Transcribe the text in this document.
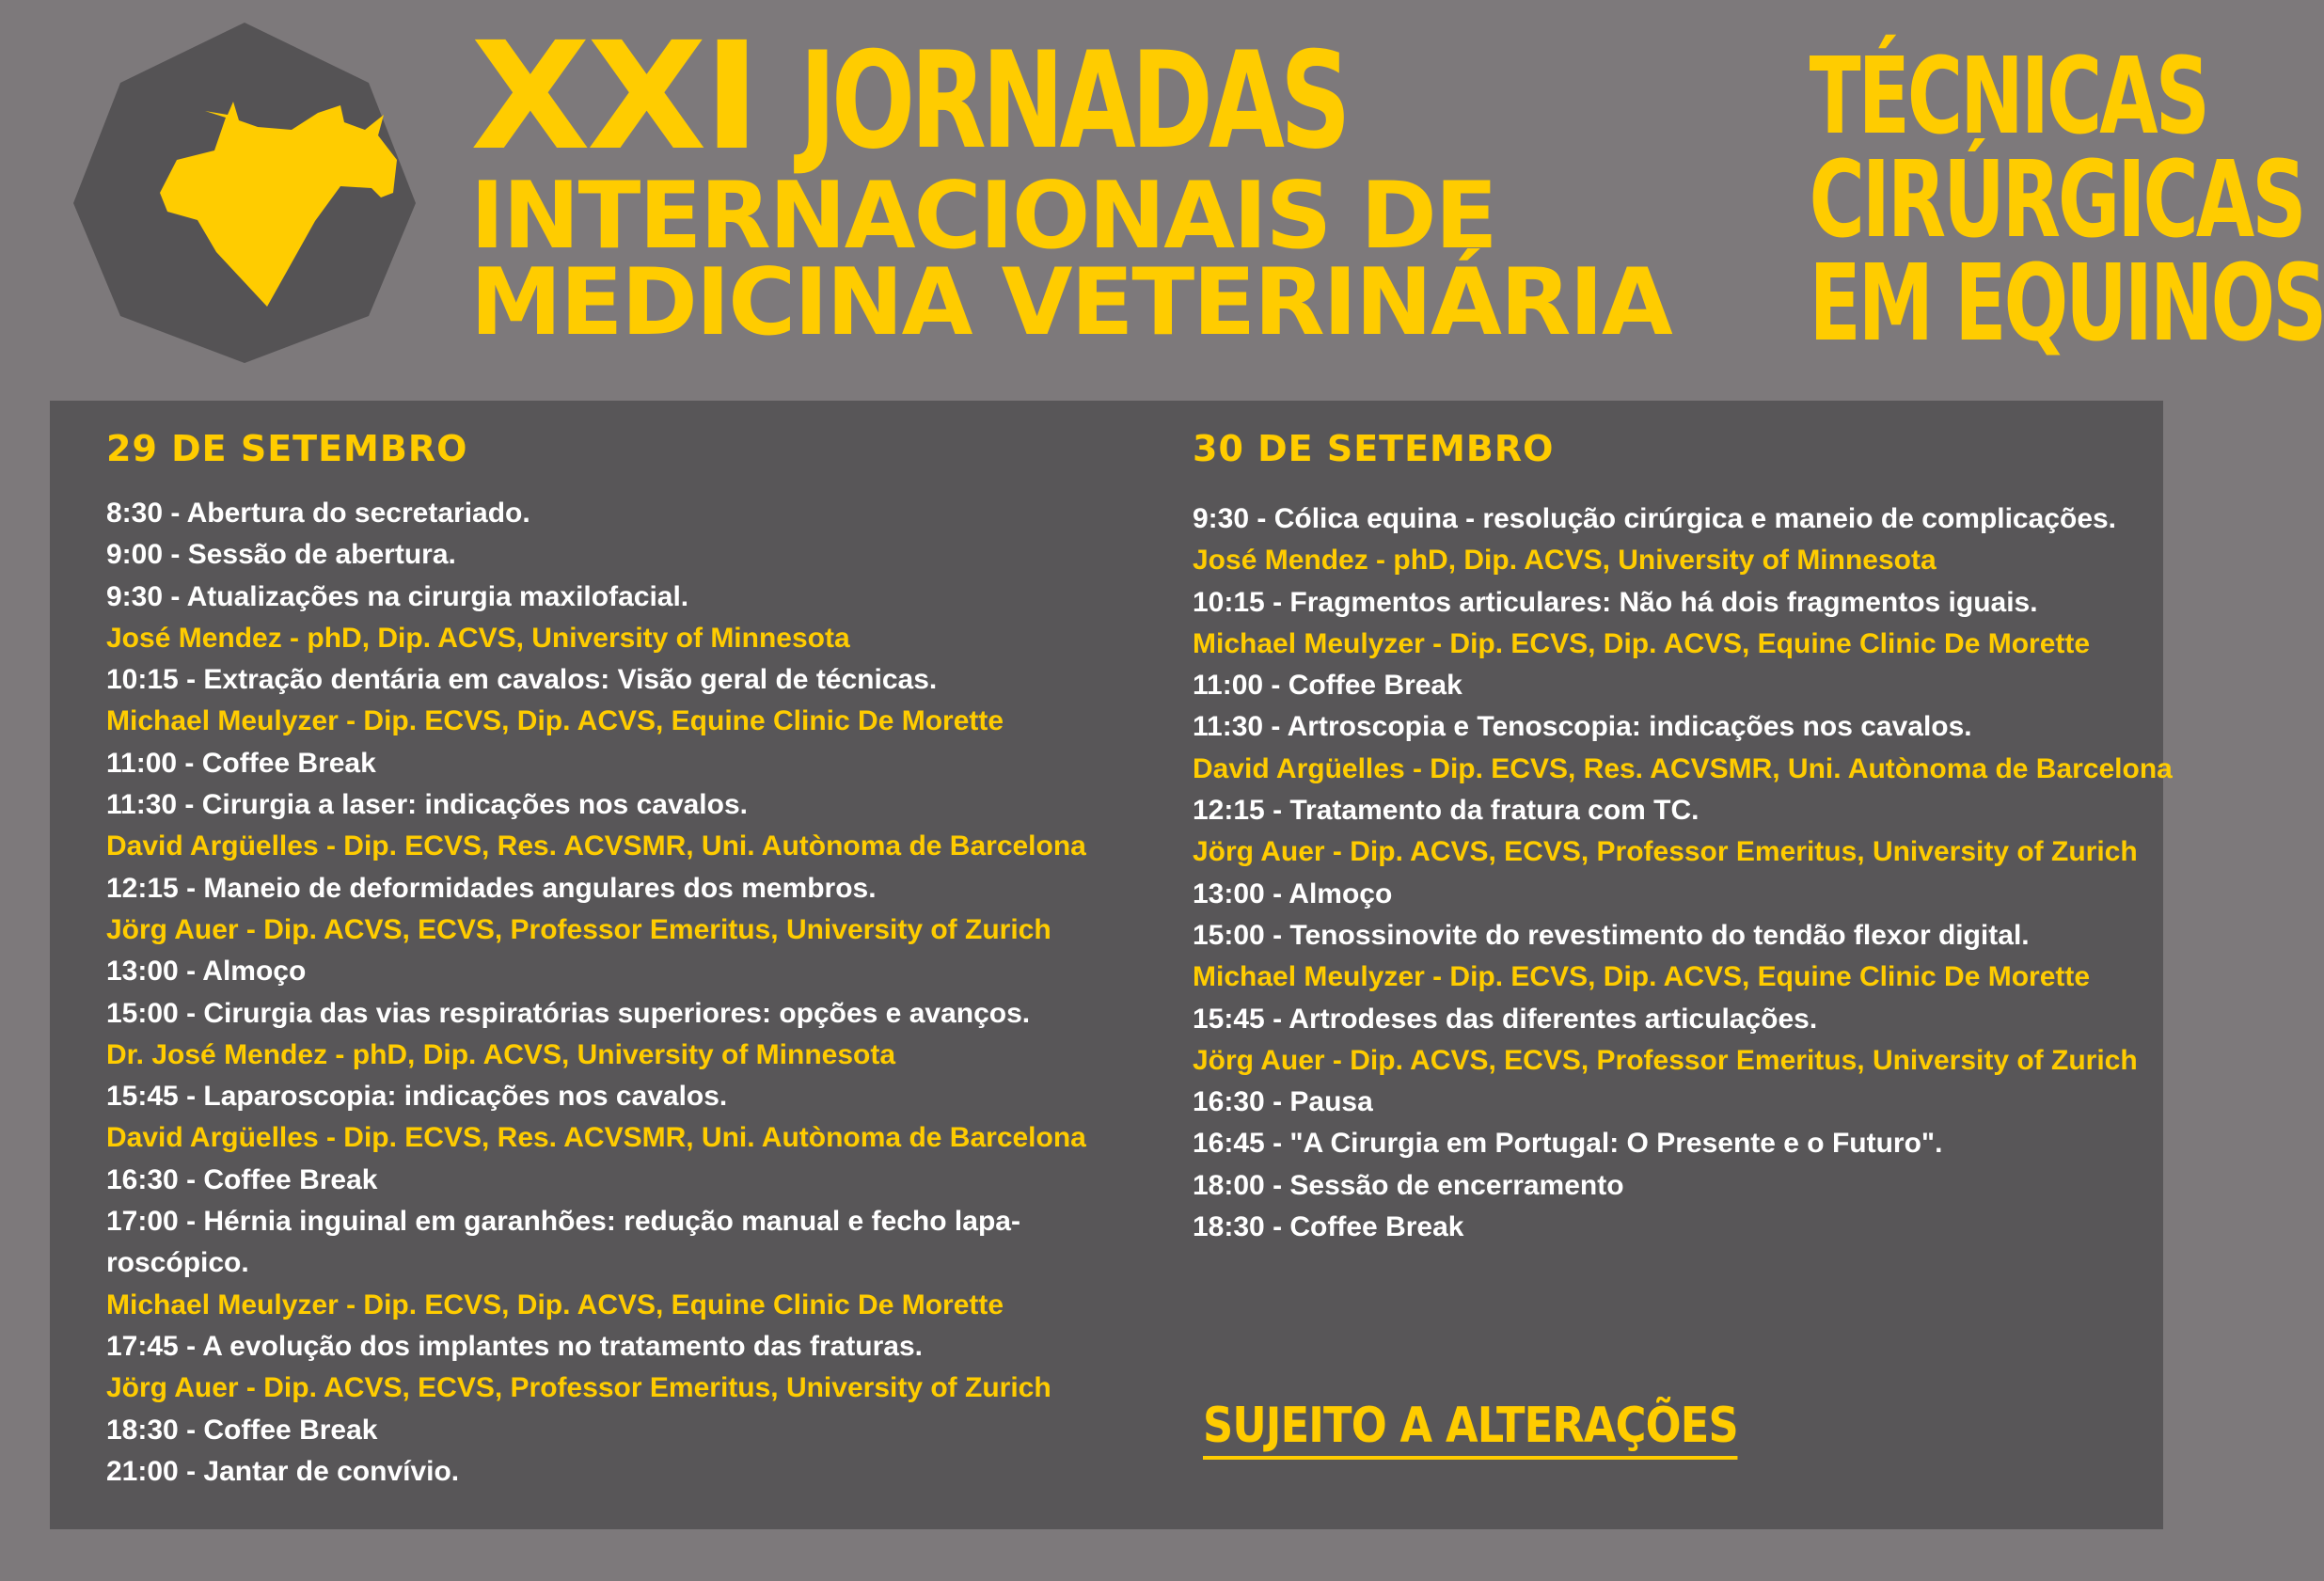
XXI JORNADAS
INTERNACIONAIS DE
MEDICINA VETERINÁRIA
TÉCNICAS
CIRÚRGICAS
EM EQUINOS
29 DE SETEMBRO
8:30 - Abertura do secretariado.
9:00 - Sessão de abertura.
9:30 - Atualizações na cirurgia maxilofacial.
José Mendez - phD, Dip. ACVS, University of Minnesota
10:15 - Extração dentária em cavalos: Visão geral de técnicas.
Michael Meulyzer - Dip. ECVS, Dip. ACVS, Equine Clinic De Morette
11:00 - Coffee Break
11:30 - Cirurgia a laser: indicações nos cavalos.
David Argüelles - Dip. ECVS, Res. ACVSMR, Uni. Autònoma de Barcelona
12:15 - Maneio de deformidades angulares dos membros.
Jörg Auer - Dip. ACVS, ECVS, Professor Emeritus, University of Zurich
13:00 - Almoço
15:00 - Cirurgia das vias respiratórias superiores: opções e avanços.
Dr. José Mendez - phD, Dip. ACVS, University of Minnesota
15:45 - Laparoscopia: indicações nos cavalos.
David Argüelles - Dip. ECVS, Res. ACVSMR, Uni. Autònoma de Barcelona
16:30 - Coffee Break
17:00 - Hérnia inguinal em garanhões: redução manual e fecho lapa-
roscópico.
Michael Meulyzer - Dip. ECVS, Dip. ACVS, Equine Clinic De Morette
17:45 - A evolução dos implantes no tratamento das fraturas.
Jörg Auer - Dip. ACVS, ECVS, Professor Emeritus, University of Zurich
18:30 - Coffee Break
21:00 - Jantar de convívio.
30 DE SETEMBRO
9:30 - Cólica equina - resolução cirúrgica e maneio de complicações.
José Mendez - phD, Dip. ACVS, University of Minnesota
10:15 - Fragmentos articulares: Não há dois fragmentos iguais.
Michael Meulyzer - Dip. ECVS, Dip. ACVS, Equine Clinic De Morette
11:00 - Coffee Break
11:30 - Artroscopia e Tenoscopia: indicações nos cavalos.
David Argüelles - Dip. ECVS, Res. ACVSMR, Uni. Autònoma de Barcelona
12:15 - Tratamento da fratura com TC.
Jörg Auer - Dip. ACVS, ECVS, Professor Emeritus, University of Zurich
13:00 - Almoço
15:00 - Tenossinovite do revestimento do tendão flexor digital.
Michael Meulyzer - Dip. ECVS, Dip. ACVS, Equine Clinic De Morette
15:45 - Artrodeses das diferentes articulações.
Jörg Auer - Dip. ACVS, ECVS, Professor Emeritus, University of Zurich
16:30 - Pausa
16:45 - "A Cirurgia em Portugal: O Presente e o Futuro".
18:00 - Sessão de encerramento
18:30 - Coffee Break
SUJEITO A ALTERAÇÕES
